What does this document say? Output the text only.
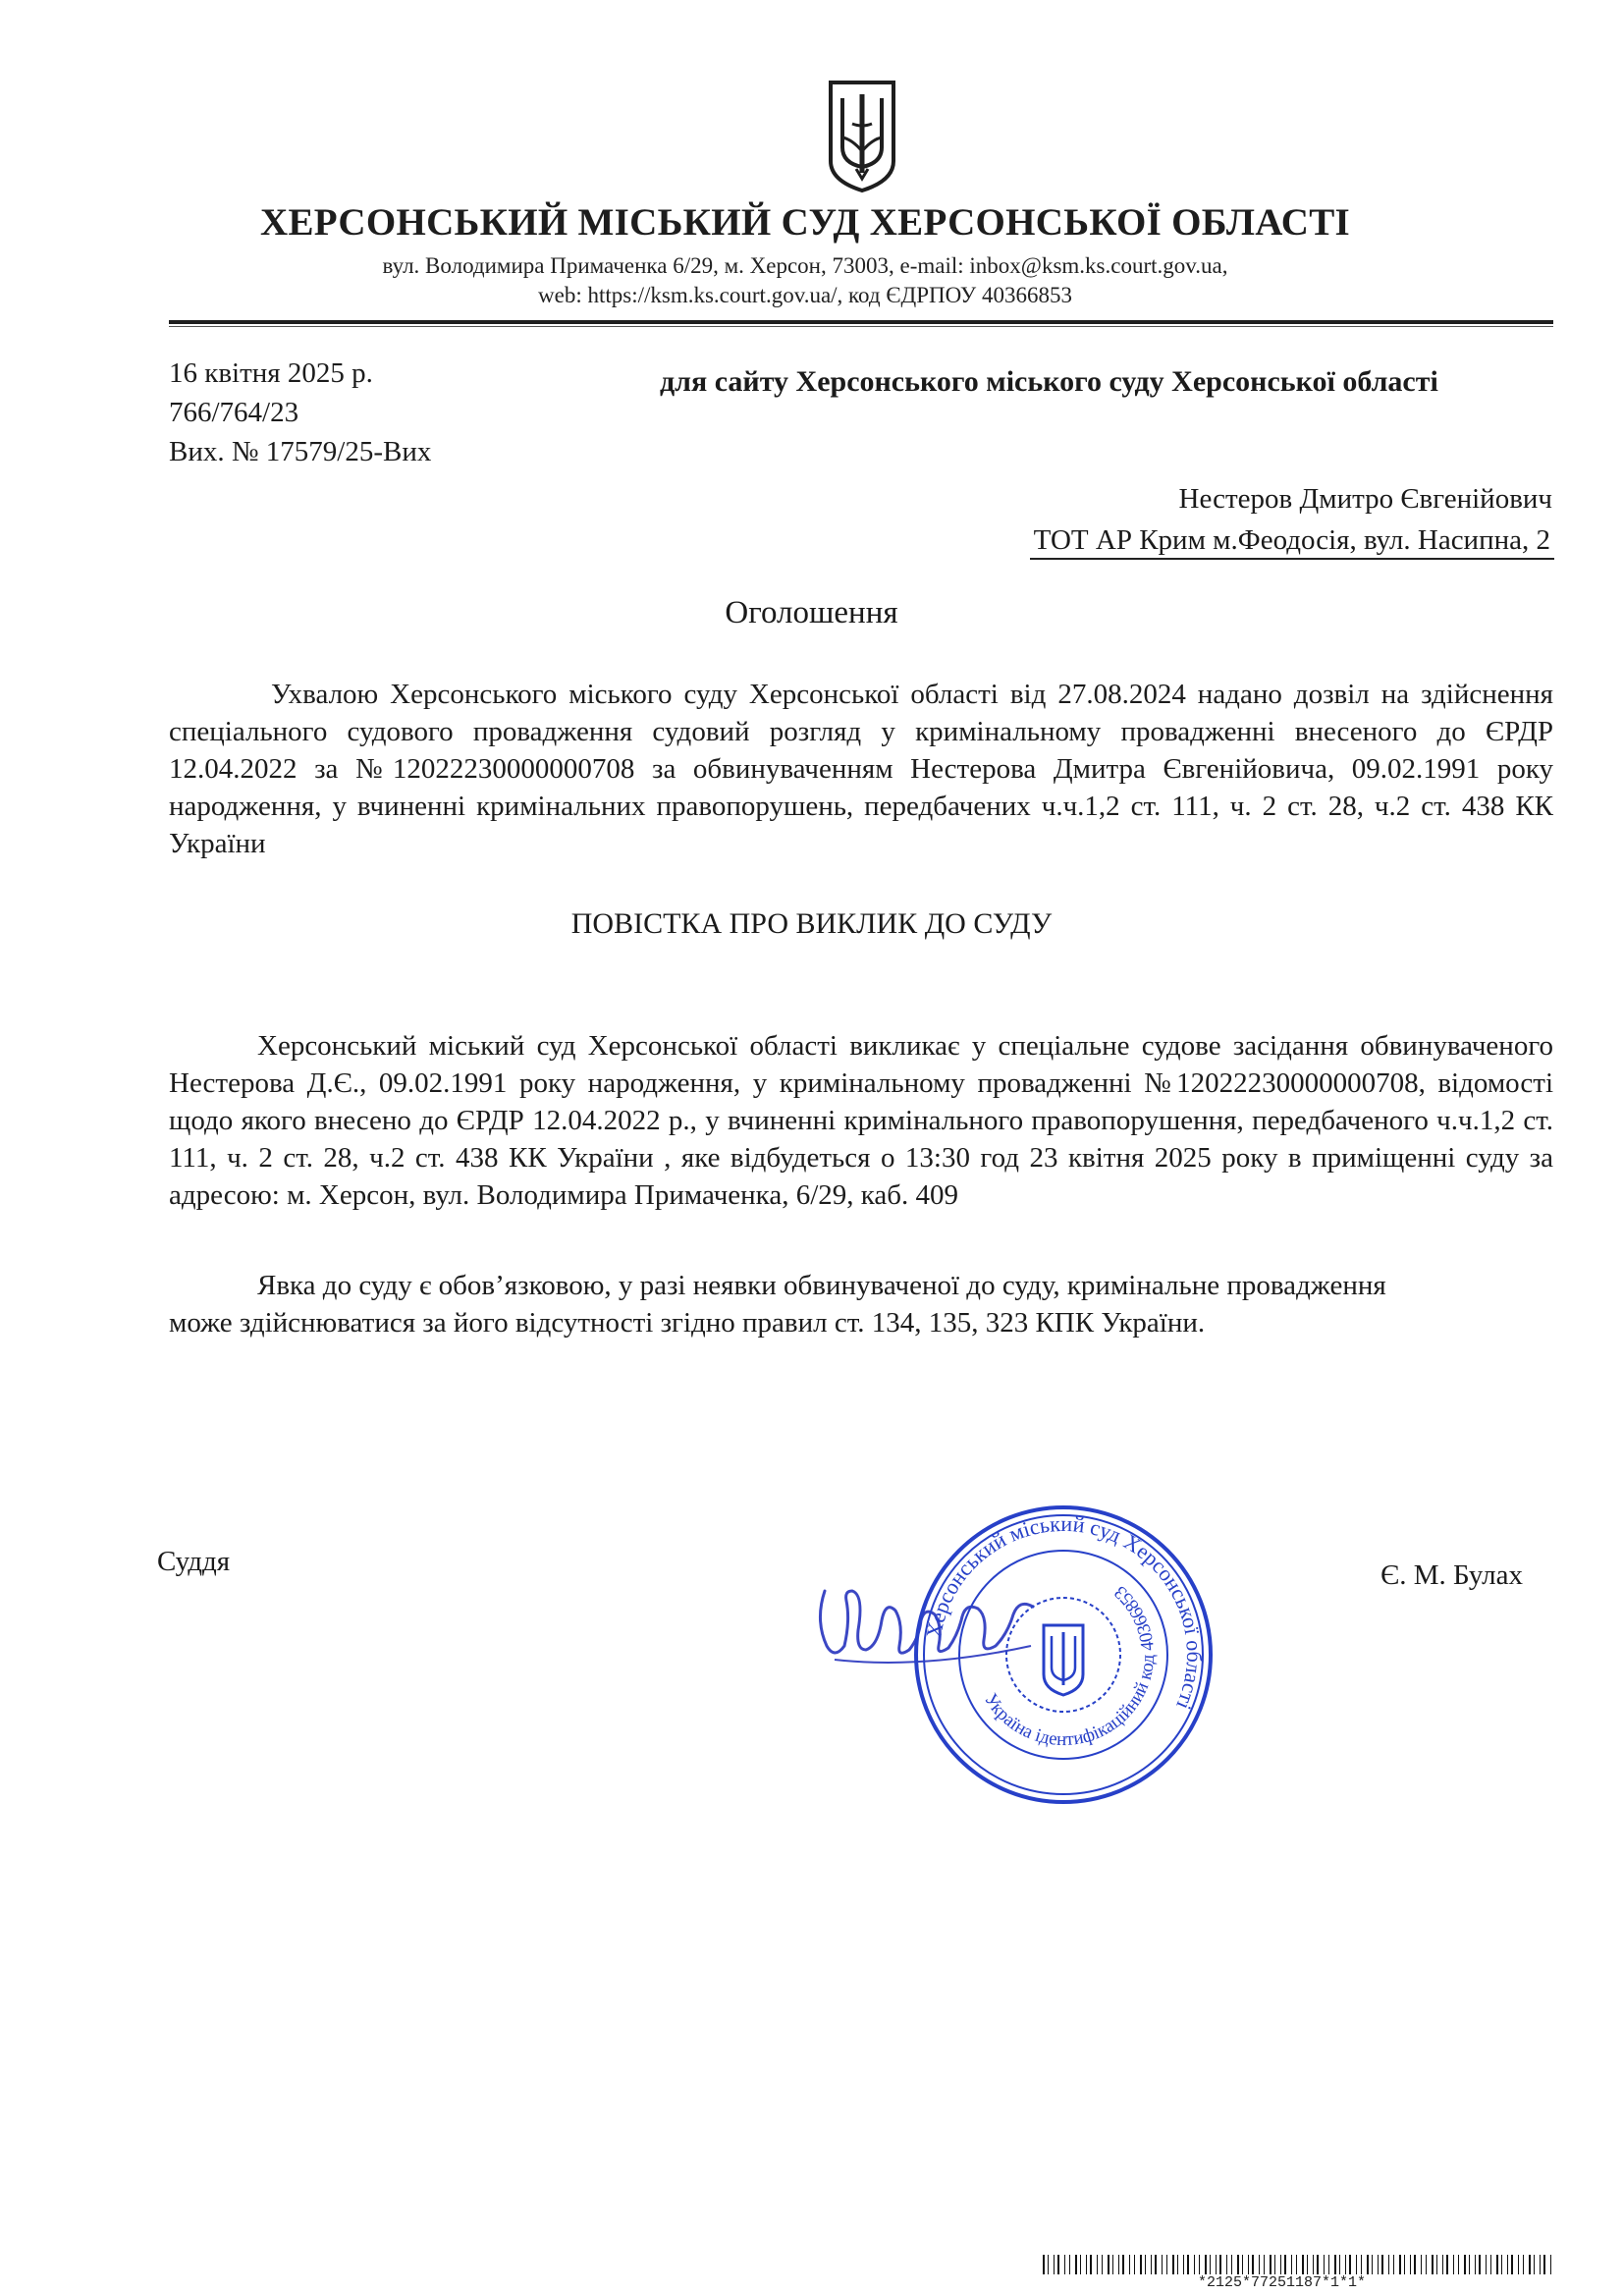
ХЕРСОНСЬКИЙ МІСЬКИЙ СУД ХЕРСОНСЬКОЇ ОБЛАСТІ
вул. Володимира Примаченка 6/29, м. Херсон, 73003, e-mail: inbox@ksm.ks.court.gov.ua,
web: https://ksm.ks.court.gov.ua/, код ЄДРПОУ 40366853
16 квітня 2025 р.
766/764/23
Вих. № 17579/25-Вих
для сайту Херсонського міського суду Херсонської області
Нестеров Дмитро Євгенійович
ТОТ АР Крим м.Феодосія, вул. Насипна, 2
Оголошення
Ухвалою Херсонського міського суду Херсонської області від 27.08.2024 надано дозвіл на здійснення спеціального судового провадження судовий розгляд у кримінальному провадженні внесеного до ЄРДР 12.04.2022 за №12022230000000708 за обвинуваченням Нестерова Дмитра Євгенійовича, 09.02.1991 року народження, у вчиненні кримінальних правопорушень, передбачених ч.ч.1,2 ст. 111, ч. 2 ст. 28, ч.2 ст. 438 КК України
ПОВІСТКА ПРО ВИКЛИК ДО СУДУ
Херсонський міський суд Херсонської області викликає у спеціальне судове засідання обвинуваченого Нестерова Д.Є., 09.02.1991 року народження, у кримінальному провадженні №12022230000000708, відомості щодо якого внесено до ЄРДР 12.04.2022 р., у вчиненні кримінального правопорушення, передбаченого ч.ч.1,2 ст. 111, ч. 2 ст. 28, ч.2 ст. 438 КК України , яке відбудеться о 13:30 год 23 квітня 2025 року в приміщенні суду за адресою: м. Херсон, вул. Володимира Примаченка, 6/29, каб. 409
Явка до суду є обов’язковою, у разі неявки обвинуваченої до суду, кримінальне провадження може здійснюватися за його відсутності згідно правил ст. 134, 135, 323 КПК України.
Суддя	Є. М. Булах
Херсонський міський суд Херсонської області
Україна ідентифікаційний код 40366853
*2125*77251187*1*1*
